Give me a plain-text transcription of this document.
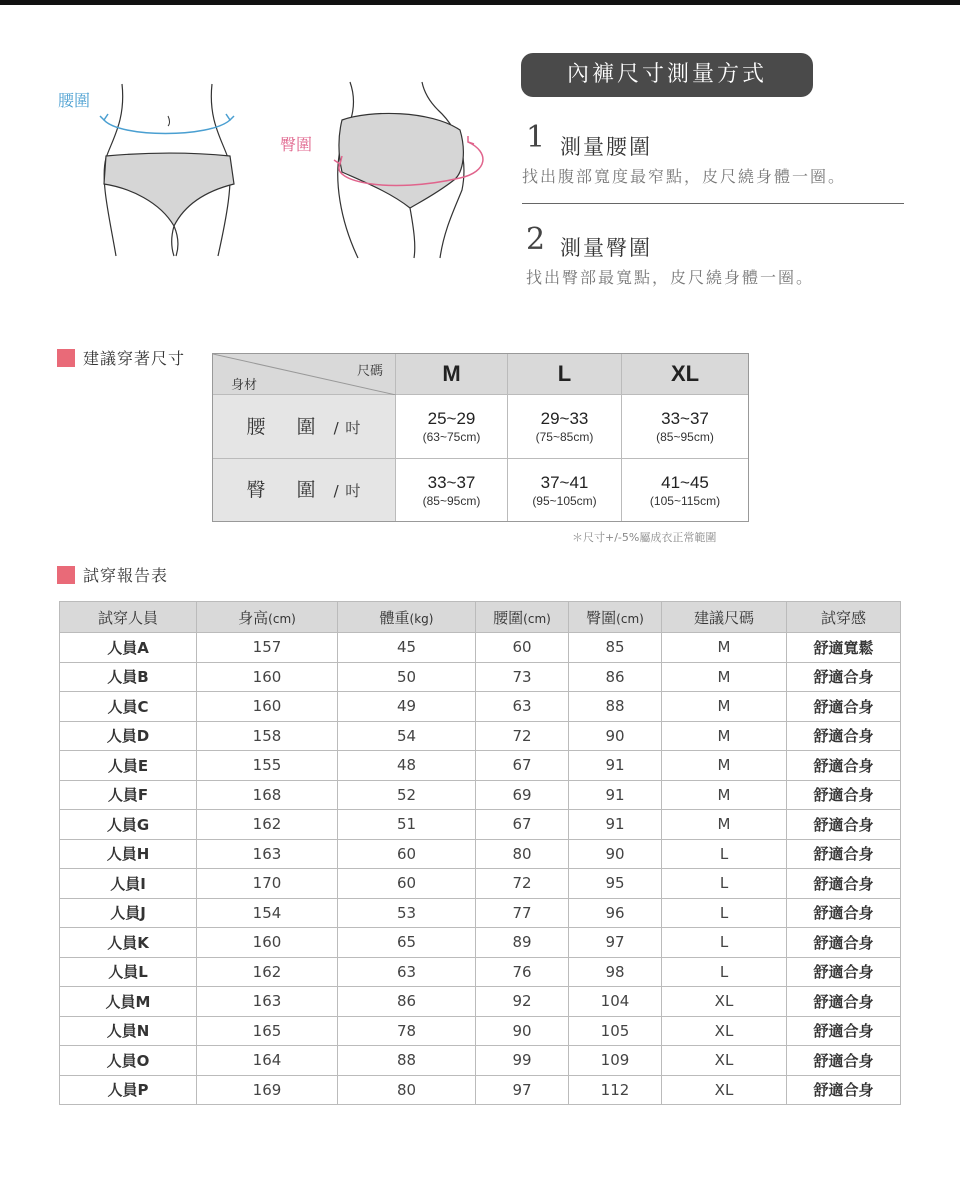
腰圍
臀圍
內褲尺寸測量方式
1 測量腰圍
找出腹部寬度最窄點，皮尺繞身體一圈。
2 測量臀圍
找出臀部最寬點，皮尺繞身體一圈。
建議穿著尺寸
尺碼
身材	M	L	XL
腰　圍 / 吋	25~29
(63~75cm)
29~33
(75~85cm)
33~37
(85~95cm)
臀　圍 / 吋	33~37
(85~95cm)
37~41
(95~105cm)
41~45
(105~115cm)
＊尺寸+/-5%屬成衣正常範圍
試穿報告表
試穿人員	身高(cm)	體重(kg)	腰圍(cm)	臀圍(cm)	建議尺碼	試穿感
人員A	157	45	60	85	M	舒適寬鬆
人員B	160	50	73	86	M	舒適合身
人員C	160	49	63	88	M	舒適合身
人員D	158	54	72	90	M	舒適合身
人員E	155	48	67	91	M	舒適合身
人員F	168	52	69	91	M	舒適合身
人員G	162	51	67	91	M	舒適合身
人員H	163	60	80	90	L	舒適合身
人員I	170	60	72	95	L	舒適合身
人員J	154	53	77	96	L	舒適合身
人員K	160	65	89	97	L	舒適合身
人員L	162	63	76	98	L	舒適合身
人員M	163	86	92	104	XL	舒適合身
人員N	165	78	90	105	XL	舒適合身
人員O	164	88	99	109	XL	舒適合身
人員P	169	80	97	112	XL	舒適合身
